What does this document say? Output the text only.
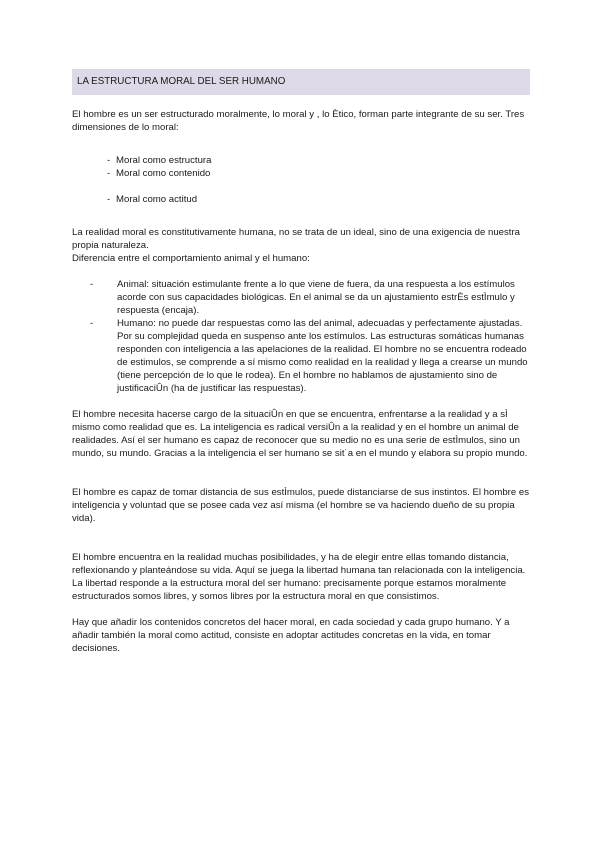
LA ESTRUCTURA MORAL DEL SER HUMANO

El hombre es un ser estructurado moralmente, lo moral y , lo Ètico, forman parte integrante de su ser. Tres dimensiones de lo moral:

- Moral como estructura
- Moral como contenido
- Moral como actitud

La realidad moral es constitutivamente humana, no se trata de un ideal, sino de una exigencia de nuestra propia naturaleza.

Diferencia entre el comportamiento animal y el humano:

- Animal: situación estimulante frente a lo que viene de fuera, da una respuesta a los estímulos acorde con sus capacidades biológicas. En el animal se da un ajustamiento estrÈs estÌmulo y respuesta (encaja).
- Humano: no puede dar respuestas como las del animal, adecuadas y perfectamente ajustadas. Por su complejidad queda en suspenso ante los estímulos. Las estructuras somáticas humanas responden con inteligencia a las apelaciones de la realidad. El hombre no se encuentra rodeado de estimulos, se comprende a sí mismo como realidad en la realidad y llega a crearse un mundo (tiene percepción de lo que le rodea). En el hombre no hablamos de ajustamiento sino de justificaciÛn (ha de justificar las respuestas).

El hombre necesita hacerse cargo de la situaciÛn en que se encuentra, enfrentarse a la realidad y a sÌ mismo como realidad que es. La inteligencia es radical versiÛn a la realidad y en el hombre un animal de realidades. Así el ser humano es capaz de reconocer que su medio no es una serie de estÌmulos, sino un mundo, su mundo. Gracias a la inteligencia el ser humano se sit˙a en el mundo y elabora su propio mundo.

El hombre es capaz de tomar distancia de sus estÌmulos, puede distanciarse de sus instintos. El hombre es inteligencia y voluntad que se posee cada vez así misma (el hombre se va haciendo dueño de su propia vida).

El hombre encuentra en la realidad muchas posibilidades, y ha de elegir entre ellas tomando distancia, reflexionando y planteándose su vida. Aquí se juega la libertad humana tan relacionada con la inteligencia. La libertad responde a la estructura moral del ser humano: precisamente porque estamos moralmente estructurados somos libres, y somos libres por la estructura moral en que consistimos.

Hay que añadir los contenidos concretos del hacer moral, en cada sociedad y cada grupo humano. Y a añadir también la moral como actitud, consiste en adoptar actitudes concretas en la vida, en tomar decisiones.
